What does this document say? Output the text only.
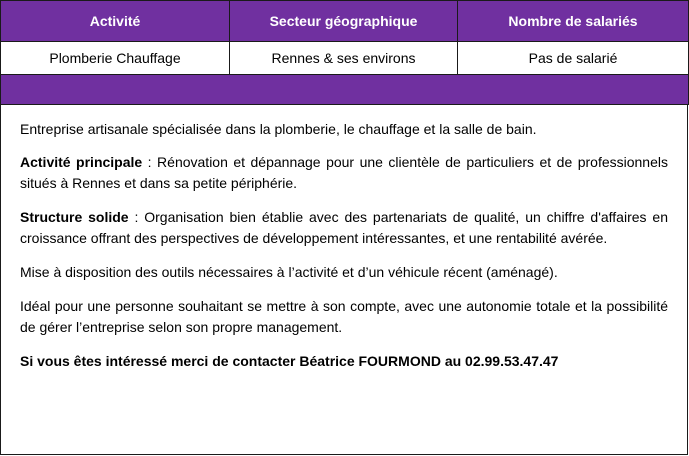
Activité	Secteur géographique	Nombre de salariés
Plomberie Chauffage	Rennes & ses environs	Pas de salarié

Entreprise artisanale spécialisée dans la plomberie, le chauffage et la salle de bain.

Activité principale : Rénovation et dépannage pour une clientèle de particuliers et de professionnels situés à Rennes et dans sa petite périphérie.

Structure solide : Organisation bien établie avec des partenariats de qualité, un chiffre d'affaires en croissance offrant des perspectives de développement intéressantes, et une rentabilité avérée.

Mise à disposition des outils nécessaires à l’activité et d’un véhicule récent (aménagé).

Idéal pour une personne souhaitant se mettre à son compte, avec une autonomie totale et la possibilité de gérer l’entreprise selon son propre management.

Si vous êtes intéressé merci de contacter Béatrice FOURMOND au 02.99.53.47.47
